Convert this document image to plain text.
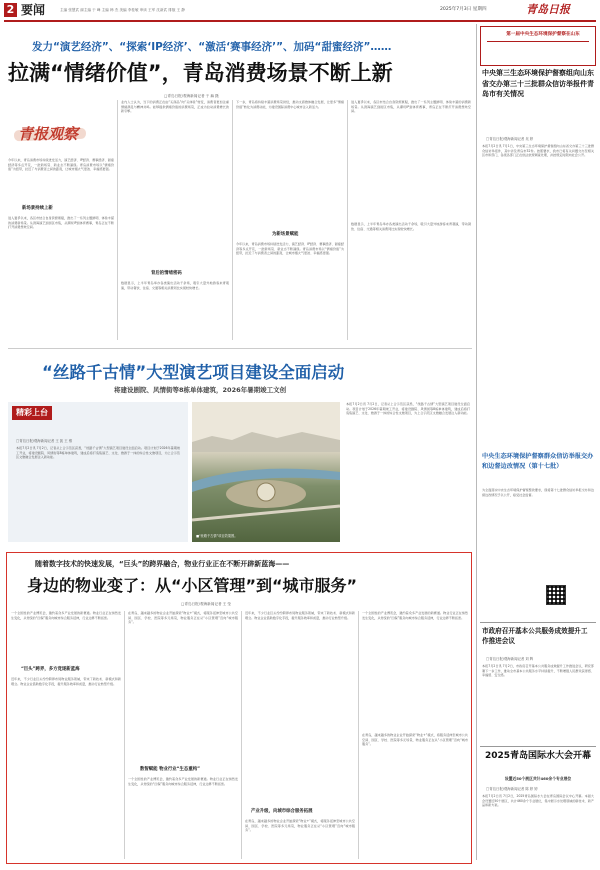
2 要闻	主编 张慧武 副主编 于 峰 主编 韩 杰 美编 李桂敏 审读 王军 沈新武 排版 王 静	2025年7月3日 星期四	青岛日报
发力“演艺经济”、“探索‘IP经济’、“激活‘赛事经济’”、加码“甜蜜经济”……
拉满“情绪价值”，青岛消费场景不断上新
□青岛日报/观海新闻记者 于 赫 摄
青报观察
今年以来，青岛消费市场持续迸发活力，演艺经济、IP经济、赛事经济、甜蜜经济等多点开花，一批新场景、新业态不断涌现。青岛消费市场以“情绪价值”为纽带，拉近了与消费者之间的距离，让城市烟火气更浓、幸福感更强。
新场景持续上新
进入夏季以来，各区市结合自身资源禀赋，推出了一系列主题鲜明、体验丰富的消费新场景。从滨海演艺到街区市集，从潮玩IP到体育赛事，青岛正在不断打开消费想象空间。
业内人士认为，当下的消费正在由“买商品”向“买体验”转变，消费者更加注重情绪满足与精神共鸣。能够提供情绪价值的消费场景，正成为拉动消费增长的新引擎。
背后的情绪密码
数据显示，上半年青岛举办各类演出活动千余场，吸引大量外地游客来青观演，带动餐饮、住宿、交通等相关消费同比实现较快增长。
下一步，青岛将持续丰富消费场景供给，推动文商旅体融合发展，让更多“情绪价值”转化为消费动能，为建设国际消费中心城市注入新活力。
为新场景赋能
今年以来，青岛消费市场持续迸发活力，演艺经济、IP经济、赛事经济、甜蜜经济等多点开花，一批新场景、新业态不断涌现。青岛消费市场以“情绪价值”为纽带，拉近了与消费者之间的距离，让城市烟火气更浓、幸福感更强。
进入夏季以来，各区市结合自身资源禀赋，推出了一系列主题鲜明、体验丰富的消费新场景。从滨海演艺到街区市集，从潮玩IP到体育赛事，青岛正在不断打开消费想象空间。
数据显示，上半年青岛举办各类演出活动千余场，吸引大量外地游客来青观演，带动餐饮、住宿、交通等相关消费同比实现较快增长。
第一届中央生态环境保护督察在山东
中央第三生态环境保护督察组向山东省交办第三十三批群众信访举报件青岛市有关情况
□青岛日报/观海新闻记者 吴 婷
本报7月2日讯 7月1日，中央第三生态环境保护督察组向山东省交办第三十三批群众信访举报件，其中涉及青岛市32件。按照要求，我市已将有关问题交办至相关区市和部门，各级各部门正在依法依规调查处理，并按规定时限向社会公开。
中央生态环境保护督察群众信访举报交办和边督边改情况（第十七批）
为全面落实中央生态环境保护督察整改要求，现将第十七批群众信访举报交办和边督边改情况予以公开，接受社会监督。
市政府召开基本公共服务成效提升工作推进会议
□青岛日报/观海新闻记者 刘 辉
本报7月2日讯 7月2日，市政府召开基本公共服务成效提升工作推进会议，研究部署下一步工作，推动全市基本公共服务水平持续提升，不断增强人民群众获得感、幸福感、安全感。
2025青岛国际水大会开幕
设置近50个展区共计460余个专业展位
□青岛日报/观海新闻记者 陈 婷 婷
本报7月2日讯 7月2日，2025青岛国际水大会在青岛国际会议中心开幕。本届大会设置近50个展区，共计460余个专业展位，集中展示水处理领域的新技术、新产品和新方案。
“丝路千古情”大型演艺项目建设全面启动
将建设剧院、风情街等8栋单体建筑，2026年暑期竣工文创
精彩上台
□青岛日报/观海新闻记者 王 凯 王 维
本报7月2日讯 7月2日，记者从上合示范区获悉，“丝路千古情”大型演艺项目建设全面启动。项目计划于2026年暑期竣工开业，将建设剧院、风情街等8栋单体建筑，建成后将打造集演艺、文化、旅游于一体的综合性文旅项目，为上合示范区文旅融合发展注入新动能。
■“丝路千古情”项目效果图。
本报7月2日讯 7月2日，记者从上合示范区获悉，“丝路千古情”大型演艺项目建设全面启动。项目计划于2026年暑期竣工开业，将建设剧院、风情街等8栋单体建筑，建成后将打造集演艺、文化、旅游于一体的综合性文旅项目，为上合示范区文旅融合发展注入新动能。
随着数字技术的快速发展，“巨头”的跨界融合，物业行业正在不断开辟新蓝海——
身边的物业变了：从“小区管理”到“城市服务”
□青岛日报/观海新闻记者 王 莹
一个全国性的产业博览会，邀约着众多产业发展的新赛道。物业行业正在悄然发生变化，从传统的“四保”服务向城市综合服务延伸，行业边界不断拓宽。
“巨头”跨界，多方竞逐新蓝海
近年来，不少行业巨头纷纷跨界布局物业服务领域，带来了新技术、新模式和新理念。物业企业借助数字化手段，提升服务效率和质量，推动行业转型升级。
在青岛，越来越多的物业企业开始探索“物业+”模式，将服务延伸至城市公共空间、园区、学校、医院等多元场景，物业服务正在从“小区管理”迈向“城市服务”。
数智赋能 物业行业“生态重构”
一个全国性的产业博览会，邀约着众多产业发展的新赛道。物业行业正在悄然发生变化，从传统的“四保”服务向城市综合服务延伸，行业边界不断拓宽。
近年来，不少行业巨头纷纷跨界布局物业服务领域，带来了新技术、新模式和新理念。物业企业借助数字化手段，提升服务效率和质量，推动行业转型升级。
产业升级，向城市综合服务拓展
在青岛，越来越多的物业企业开始探索“物业+”模式，将服务延伸至城市公共空间、园区、学校、医院等多元场景，物业服务正在从“小区管理”迈向“城市服务”。
一个全国性的产业博览会，邀约着众多产业发展的新赛道。物业行业正在悄然发生变化，从传统的“四保”服务向城市综合服务延伸，行业边界不断拓宽。
在青岛，越来越多的物业企业开始探索“物业+”模式，将服务延伸至城市公共空间、园区、学校、医院等多元场景，物业服务正在从“小区管理”迈向“城市服务”。
